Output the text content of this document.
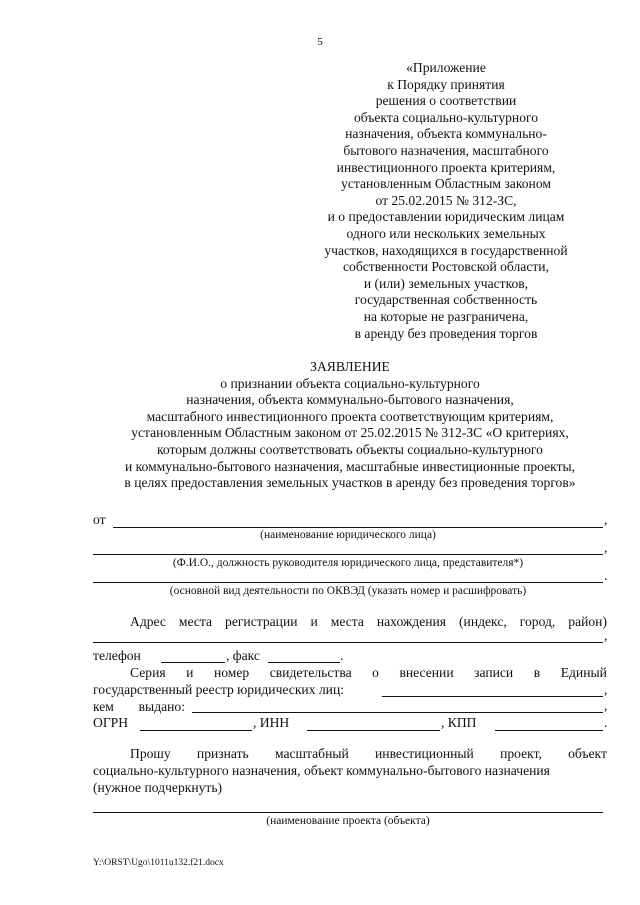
5
«Приложение
к Порядку принятия
решения о соответствии
объекта социально-культурного
назначения, объекта коммунально-
бытового назначения, масштабного
инвестиционного проекта критериям,
установленным Областным законом
от 25.02.2015 № 312-ЗС,
и о предоставлении юридическим лицам
одного или нескольких земельных
участков, находящихся в государственной
собственности Ростовской области,
и (или) земельных участков,
государственная собственность
на которые не разграничена,
в аренду без проведения торгов
ЗАЯВЛЕНИЕ
о признании объекта социально-культурного
назначения, объекта коммунально-бытового назначения,
масштабного инвестиционного проекта соответствующим критериям,
установленным Областным законом от 25.02.2015 № 312-ЗС «О критериях,
которым должны соответствовать объекты социально-культурного
и коммунально-бытового назначения, масштабные инвестиционные проекты,
в целях предоставления земельных участков в аренду без проведения торгов»
от	,
(наименование юридического лица)
,
(Ф.И.О., должность руководителя юридического лица, представителя*)
.
(основной вид деятельности по ОКВЭД (указать номер и расшифровать)
Адрес места регистрации и места нахождения (индекс, город, район)
,
телефон	, факс	.
Серия и номер свидетельства о внесении записи в Единый
государственный реестр юридических лиц:	,
кем выдано:	,
ОГРН	, ИНН	, КПП	.
Прошу признать масштабный инвестиционный проект, объект
социально-культурного назначения, объект коммунально-бытового назначения
(нужное подчеркнуть)
(наименование проекта (объекта)
Y:\ORST\Ugo\1011u132.f21.docx
